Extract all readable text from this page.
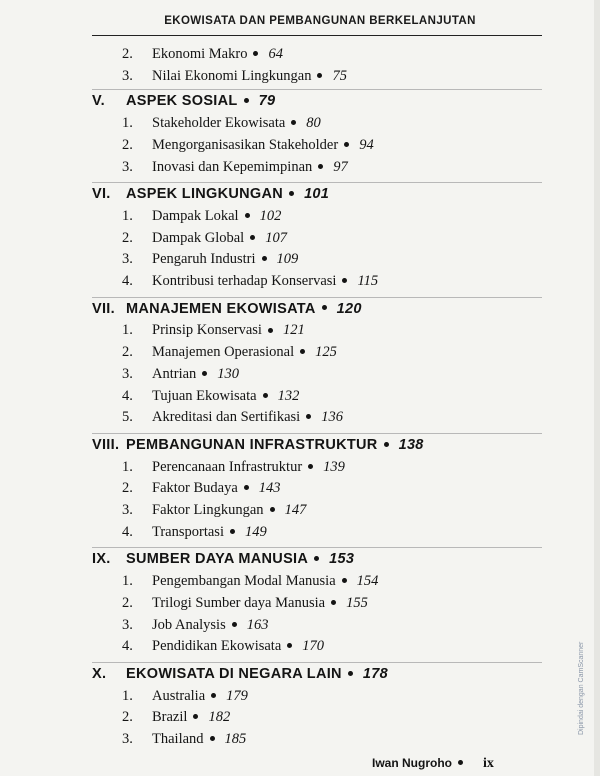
EKOWISATA DAN PEMBANGUNAN BERKELANJUTAN
2. Ekonomi Makro 64
3. Nilai Ekonomi Lingkungan 75
V. ASPEK SOSIAL 79
1. Stakeholder Ekowisata 80
2. Mengorganisasikan Stakeholder 94
3. Inovasi dan Kepemimpinan 97
VI. ASPEK LINGKUNGAN 101
1. Dampak Lokal 102
2. Dampak Global 107
3. Pengaruh Industri 109
4. Kontribusi terhadap Konservasi 115
VII. MANAJEMEN EKOWISATA 120
1. Prinsip Konservasi 121
2. Manajemen Operasional 125
3. Antrian 130
4. Tujuan Ekowisata 132
5. Akreditasi dan Sertifikasi 136
VIII. PEMBANGUNAN INFRASTRUKTUR 138
1. Perencanaan Infrastruktur 139
2. Faktor Budaya 143
3. Faktor Lingkungan 147
4. Transportasi 149
IX. SUMBER DAYA MANUSIA 153
1. Pengembangan Modal Manusia 154
2. Trilogi Sumber daya Manusia 155
3. Job Analysis 163
4. Pendidikan Ekowisata 170
X. EKOWISATA DI NEGARA LAIN 178
1. Australia 179
2. Brazil 182
3. Thailand 185
Iwan Nugroho ix
Dipindai dengan CamScanner
